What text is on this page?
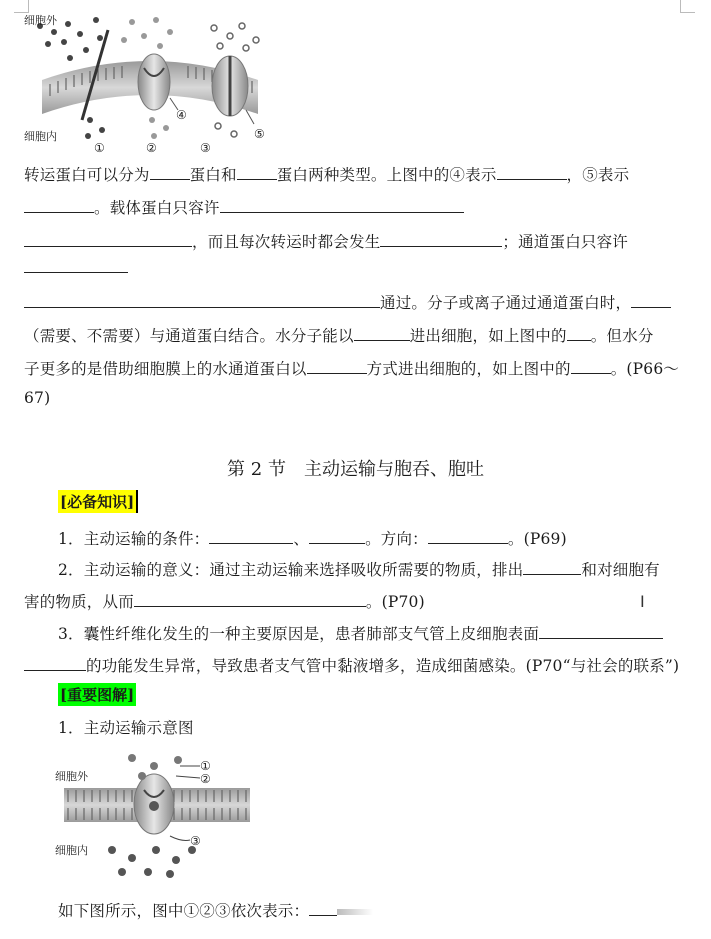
细胞外
细胞内
①	②	③
④
⑤
转运蛋白可以分为	蛋白和	蛋白两种类型。上图中的④表示	，⑤表示
。载体蛋白只容许
，而且每次转运时都会发生	；通道蛋白只容许
通过。分子或离子通过通道蛋白时，
（需要、不需要）与通道蛋白结合。水分子能以	进出细胞，如上图中的 。但水分
子更多的是借助细胞膜上的水通道蛋白以	方式进出细胞的，如上图中的	。(P66～
67)
第 2 节　主动运输与胞吞、胞吐
[必备知识]
1．主动运输的条件：	、	。方向：	。(P69)
2．主动运输的意义：通过主动运输来选择吸收所需要的物质，排出	和对细胞有
害的物质，从而	。(P70)	I
3．囊性纤维化发生的一种主要原因是，患者肺部支气管上皮细胞表面
的功能发生异常，导致患者支气管中黏液增多，造成细菌感染。(P70“与社会的联系”)
[重要图解]
1．主动运输示意图
细胞外
细胞内
①
②
③
如下图所示，图中①②③依次表示：
